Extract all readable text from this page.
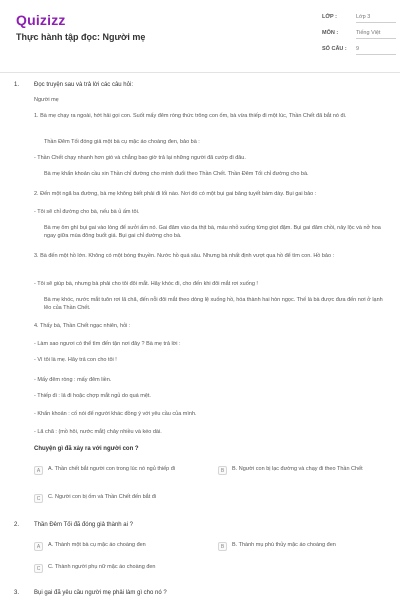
Quizizz
Thực hành tập đọc: Người mẹ
LỚP :	Lớp 3
MÔN :	Tiếng Việt
SỐ CÂU :	9
1. Đọc truyện sau và trả lời các câu hỏi:
Người mẹ
1. Bà mẹ chạy ra ngoài, hớt hải gọi con. Suốt mấy đêm ròng thức trông con ốm, bà vừa thiếp đi một lúc, Thần Chết đã bắt nó đi.
Thần Đêm Tối đóng giả một bà cụ mặc áo choàng đen, bảo bà :
- Thần Chết chạy nhanh hơn gió và chẳng bao giờ trả lại những người đã cướp đi đâu.
Bà mẹ khẩn khoản cầu xin Thần chỉ đường cho mình đuổi theo Thần Chết. Thần Đêm Tối chỉ đường cho bà.
2. Đến một ngã ba đường, bà mẹ không biết phải đi lối nào. Nơi đó có một bụi gai băng tuyết bám dày. Bụi gai bảo :
- Tôi sẽ chỉ đường cho bà, nếu bà ủ ấm tôi.
Bà mẹ ôm ghì bụi gai vào lòng để sưởi ấm nó. Gai đâm vào da thịt bà, máu nhỏ xuống từng giọt đậm. Bụi gai đâm chồi, nảy lộc và nở hoa ngay giữa mùa đông buốt giá. Bụi gai chỉ đường cho bà.
3. Bà đến một hồ lớn. Không có một bóng thuyền. Nước hồ quá sâu. Nhưng bà nhất định vượt qua hồ để tìm con. Hồ bảo :
- Tôi sẽ giúp bà, nhưng bà phải cho tôi đôi mắt. Hãy khóc đi, cho đến khi đôi mắt rơi xuống !
Bà mẹ khóc, nước mắt tuôn rơi lã chã, đến nỗi đôi mắt theo dòng lệ xuống hồ, hóa thành hai hòn ngọc. Thế là bà được đưa đến nơi ở lạnh lẽo của Thần Chết.
4. Thấy bà, Thần Chết ngạc nhiên, hỏi :
- Làm sao ngươi có thể tìm đến tận nơi đây ? Bà mẹ trả lời :
- Vì tôi là mẹ. Hãy trả con cho tôi !
- Mấy đêm ròng : mấy đêm liền.
- Thiếp đi : lả đi hoặc chợp mắt ngủ do quá mệt.
- Khẩn khoản : cố nói để người khác đồng ý với yêu cầu của mình.
- Lã chã : (mồ hôi, nước mắt) chảy nhiều và kéo dài.
Chuyện gì đã xảy ra với người con ?
A	A. Thần chết bắt người con trong lúc nó ngủ thiếp đi	B	B. Người con bị lạc đường và chạy đi theo Thần Chết
C	C. Người con bị ốm và Thần Chết đến bắt đi
2. Thần Đêm Tối đã đóng giả thành ai ?
A	A. Thành một bà cụ mặc áo choàng đen	B	B. Thành mụ phù thủy mặc áo choàng đen
C	C. Thành người phụ nữ mặc áo choàng đen
3. Bụi gai đã yêu cầu người mẹ phải làm gì cho nó ?
